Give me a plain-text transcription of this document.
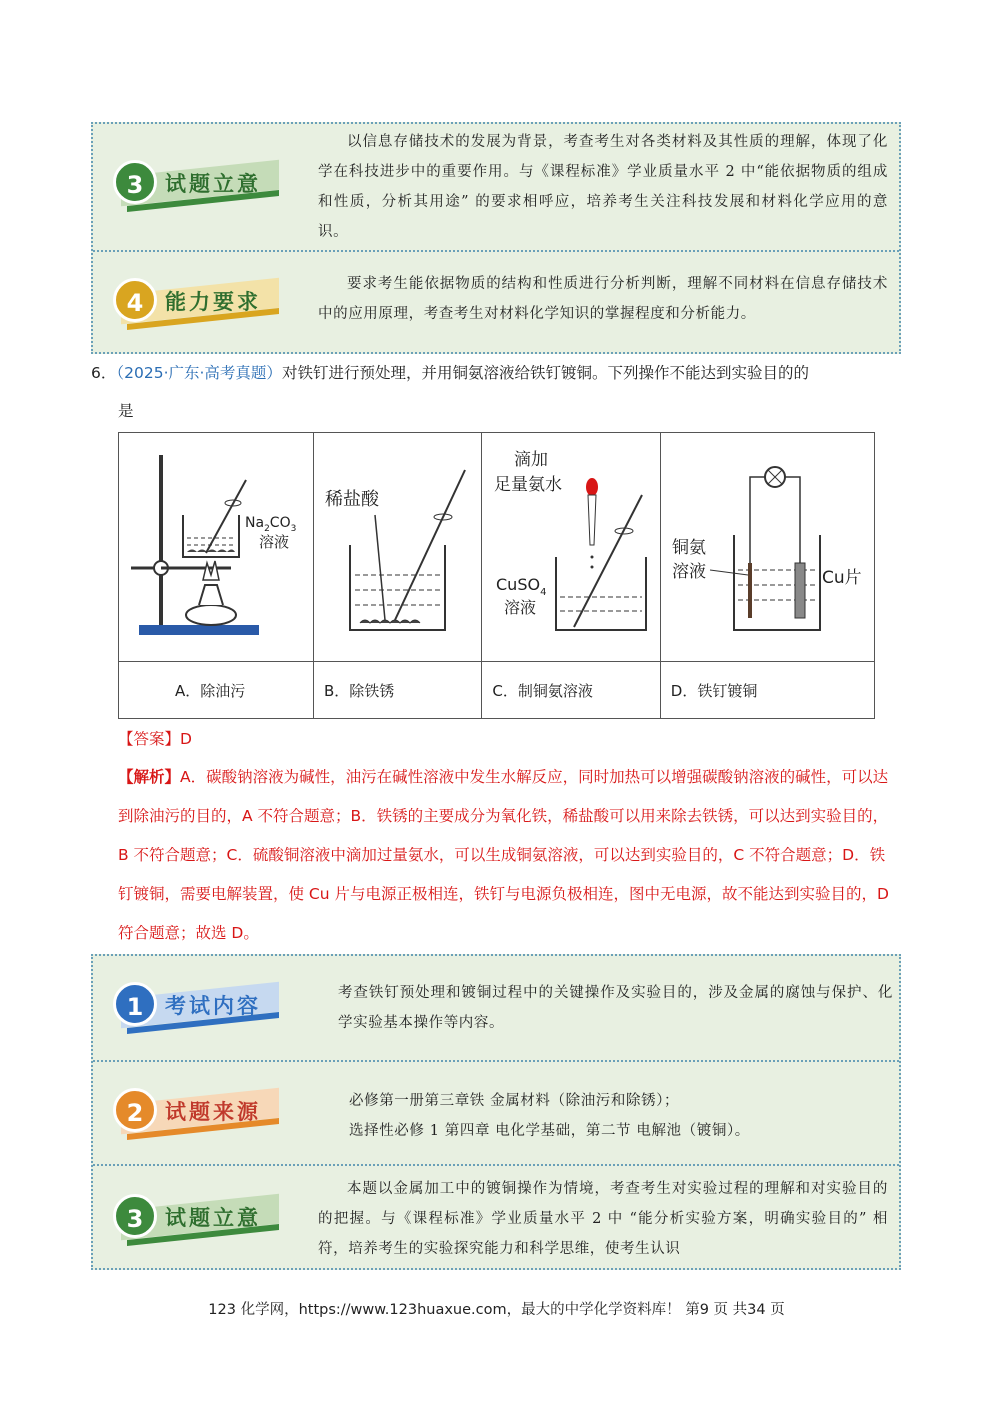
3	试题立意

以信息存储技术的发展为背景，考查考生对各类材料及其性质的理解，体现了化学在科技进步中的重要作用。与《课程标准》学业质量水平 2 中“能依据物质的组成和性质，分析其用途” 的要求相呼应，培养考生关注科技发展和材料化学应用的意识。

4	能力要求

要求考生能依据物质的结构和性质进行分析判断，理解不同材料在信息存储技术中的应用原理，考查考生对材料化学知识的掌握程度和分析能力。

6．（2025·广东·高考真题）对铁钉进行预处理，并用铜氨溶液给铁钉镀铜。下列操作不能达到实验目的的
是
$Na_2CO_3$
溶液	稀盐酸	滴加
足量氨水
CuSO$_4$
溶液	铜氨
溶液 Cu片

A．除油污	B．除铁锈	C．制铜氨溶液	D．铁钉镀铜
【答案】D
【解析】A．碳酸钠溶液为碱性，油污在碱性溶液中发生水解反应，同时加热可以增强碳酸钠溶液的碱性，可以达到除油污的目的，A 不符合题意；B．铁锈的主要成分为氧化铁，稀盐酸可以用来除去铁锈，可以达到实验目的，B 不符合题意；C．硫酸铜溶液中滴加过量氨水，可以生成铜氨溶液，可以达到实验目的，C 不符合题意；D．铁钉镀铜，需要电解装置，使 Cu 片与电源正极相连，铁钉与电源负极相连，图中无电源，故不能达到实验目的，D 符合题意；故选 D。
1	考试内容

考查铁钉预处理和镀铜过程中的关键操作及实验目的，涉及金属的腐蚀与保护、化学实验基本操作等内容。

2	试题来源	必修第一册第三章铁 金属材料（除油污和除锈）；
选择性必修 1 第四章 电化学基础，第二节 电解池（镀铜）。
3	试题立意

本题以金属加工中的镀铜操作为情境，考查考生对实验过程的理解和对实验目的的把握。与《课程标准》学业质量水平 2 中 “能分析实验方案，明确实验目的” 相符，培养考生的实验探究能力和科学思维，使考生认识

123 化学网，https://www.123huaxue.com，最大的中学化学资料库！ 第9 页 共34 页
